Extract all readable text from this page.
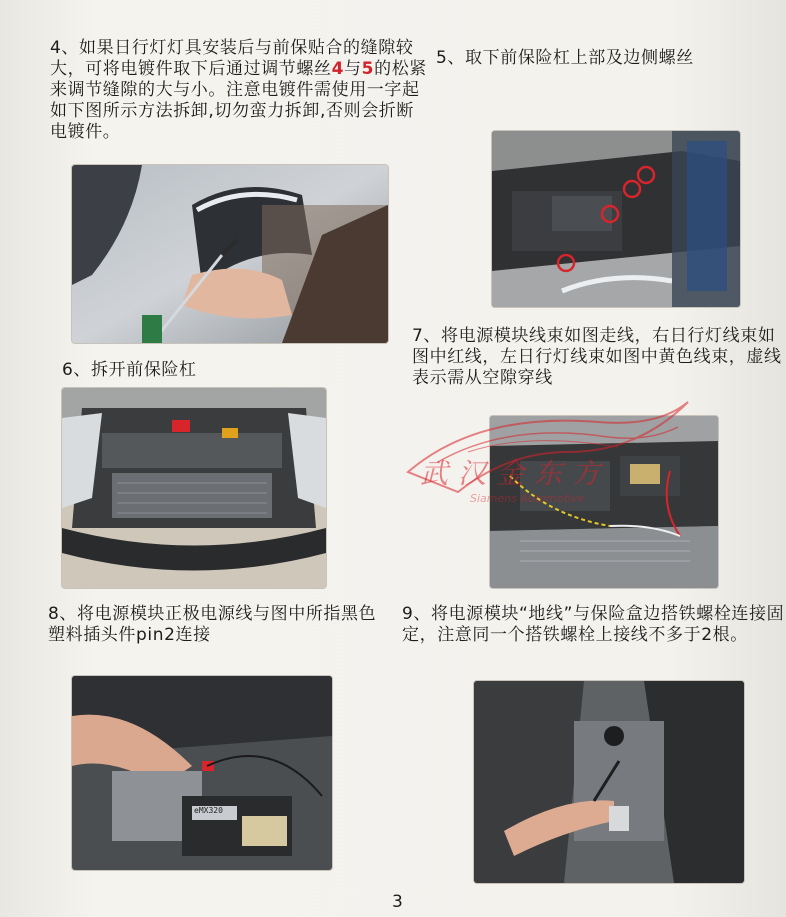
4、如果日行灯灯具安装后与前保贴合的缝隙较大，可将电镀件取下后通过调节螺丝4与5的松紧来调节缝隙的大与小。注意电镀件需使用一字起如下图所示方法拆卸,切勿蛮力拆卸,否则会折断电镀件。

5、取下前保险杠上部及边侧螺丝

6、拆开前保险杠

7、将电源模块线束如图走线，右日行灯线束如图中红线，左日行灯线束如图中黄色线束，虚线表示需从空隙穿线

武汉金东方
Siamens Automotive

8、将电源模块正极电源线与图中所指黑色塑料插头件pin2连接

9、将电源模块“地线”与保险盒边搭铁螺栓连接固定，注意同一个搭铁螺栓上接线不多于2根。

eMX320
3
